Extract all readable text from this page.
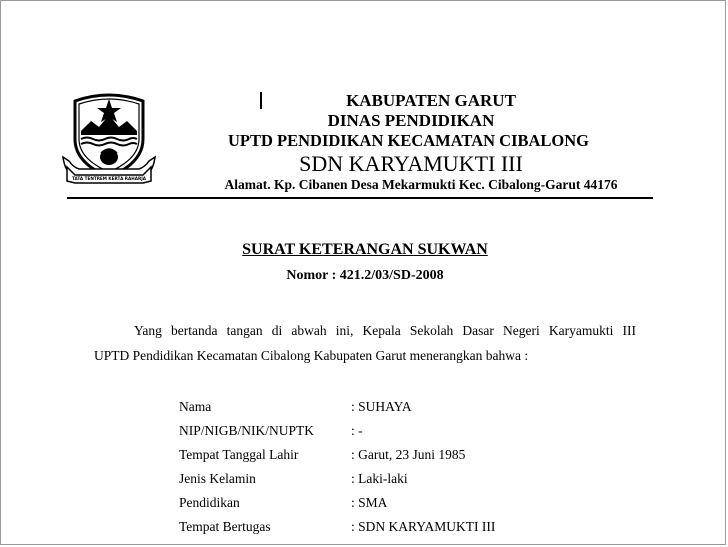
TATA TENTREM KERTA RAHARJA
KABUPATEN GARUT
DINAS PENDIDIKAN
UPTD PENDIDIKAN KECAMATAN CIBALONG
SDN KARYAMUKTI III
Alamat. Kp. Cibanen Desa Mekarmukti Kec. Cibalong-Garut 44176
SURAT KETERANGAN SUKWAN
Nomor : 421.2/03/SD-2008
Yang bertanda tangan di abwah ini, Kepala Sekolah Dasar Negeri Karyamukti III
UPTD Pendidikan Kecamatan Cibalong Kabupaten Garut menerangkan bahwa :
Nama	: SUHAYA
NIP/NIGB/NIK/NUPTK	: -
Tempat Tanggal Lahir	: Garut, 23 Juni 1985
Jenis Kelamin	: Laki-laki
Pendidikan	: SMA
Tempat Bertugas	: SDN KARYAMUKTI III
